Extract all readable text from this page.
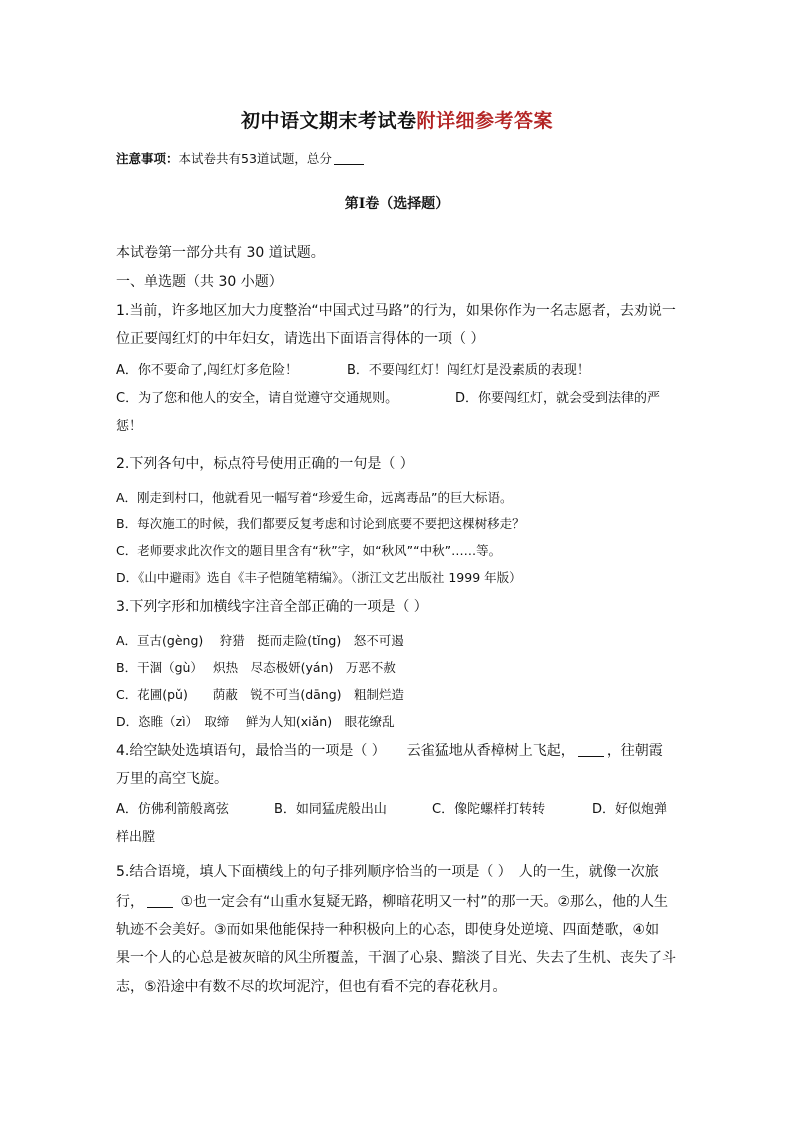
初中语文期末考试卷附详细参考答案
注意事项：本试卷共有53道试题，总分
第I卷（选择题）
本试卷第一部分共有 30 道试题。
一、单选题（共 30 小题）
1.当前，许多地区加大力度整治“中国式过马路”的行为，如果你作为一名志愿者，去劝说一
位正要闯红灯的中年妇女，请选出下面语言得体的一项（ ）
A．你不要命了,闯红灯多危险！	B．不要闯红灯！闯红灯是没素质的表现！
C．为了您和他人的安全，请自觉遵守交通规则。	D．你要闯红灯，就会受到法律的严
惩！
2.下列各句中，标点符号使用正确的一句是（ ）
A．刚走到村口，他就看见一幅写着“珍爱生命，远离毒品”的巨大标语。
B．每次施工的时候，我们都要反复考虑和讨论到底要不要把这棵树移走？
C．老师要求此次作文的题目里含有“秋”字，如“秋风”“中秋”……等。
D．《山中避雨》选自《丰子恺随笔精编》。（浙江文艺出版社 1999 年版）
3.下列字形和加横线字注音全部正确的一项是（ ）
A．亘古(gèng)　 狩猎　挺而走险(tǐng)　怒不可遏
B．干涸（gù）　 炽热　尽态极妍(yán)　万恶不赦
C．花圃(pǔ)　　荫蔽　锐不可当(dāng)　粗制烂造
D．恣睢（zì）　取缔　 鲜为人知(xiǎn)　眼花缭乱
4.给空缺处选填语句，最恰当的一项是（ ）　　云雀猛地从香樟树上飞起， ，往朝霞
万里的高空飞旋。
A．仿佛利箭般离弦	B．如同猛虎般出山	C．像陀螺样打转转	D．好似炮弹
样出膛
5.结合语境，填人下面横线上的句子排列顺序恰当的一项是（ ）　人的一生，就像一次旅
行，	①也一定会有“山重水复疑无路，柳暗花明又一村”的那一天。②那么，他的人生
轨迹不会美好。③而如果他能保持一种积极向上的心态，即使身处逆境、四面楚歌，④如
果一个人的心总是被灰暗的风尘所覆盖，干涸了心泉、黯淡了目光、失去了生机、丧失了斗
志，⑤沿途中有数不尽的坎坷泥泞，但也有看不完的春花秋月。
